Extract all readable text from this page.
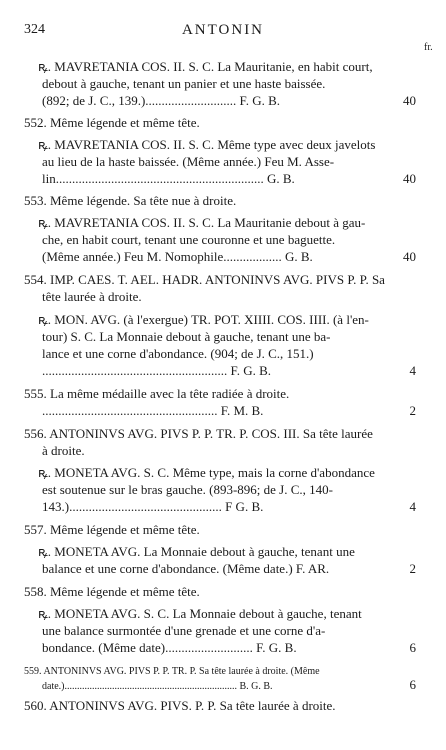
324	ANTONIN
fr.
ꝶ. MAVRETANIA COS. II. S. C. La Mauritanie, en habit court,
debout à gauche, tenant un panier et une haste baissée.
(892; de J. C., 139.)............................ F. G. B.	40
552. Même légende et même tête.
ꝶ. MAVRETANIA COS. II. S. C. Même type avec deux javelots
au lieu de la haste baissée. (Même année.) Feu M. Asse-
lin................................................................ G. B.	40
553. Même légende. Sa tête nue à droite.
ꝶ. MAVRETANIA COS. II. S. C. La Mauritanie debout à gau-
che, en habit court, tenant une couronne et une baguette.
(Même année.) Feu M. Nomophile.................. G. B.	40
554. IMP. CAES. T. AEL. HADR. ANTONINVS AVG. PIVS P. P. Sa
tête laurée à droite.
ꝶ. MON. AVG. (à l'exergue) TR. POT. XIIII. COS. IIII. (à l'en-
tour) S. C. La Monnaie debout à gauche, tenant une ba-
lance et une corne d'abondance. (904; de J. C., 151.)
......................................................... F. G. B.	4
555. La même médaille avec la tête radiée à droite.
...................................................... F. M. B.	2
556. ANTONINVS AVG. PIVS P. P. TR. P. COS. III. Sa tête laurée
à droite.
ꝶ. MONETA AVG. S. C. Même type, mais la corne d'abondance
est soutenue sur le bras gauche. (893-896; de J. C., 140-
143.)............................................... F G. B.	4
557. Même légende et même tête.
ꝶ. MONETA AVG. La Monnaie debout à gauche, tenant une
balance et une corne d'abondance. (Même date.) F. AR.	2
558. Même légende et même tête.
ꝶ. MONETA AVG. S. C. La Monnaie debout à gauche, tenant
une balance surmontée d'une grenade et une corne d'a-
bondance. (Même date)........................... F. G. B.	6
559. ANTONINVS AVG. PIVS P. P. TR. P. Sa tête laurée à droite. (Même
date.)..................................................................... B. G. B.	6
560. ANTONINVS AVG. PIVS. P. P. Sa tête laurée à droite.
